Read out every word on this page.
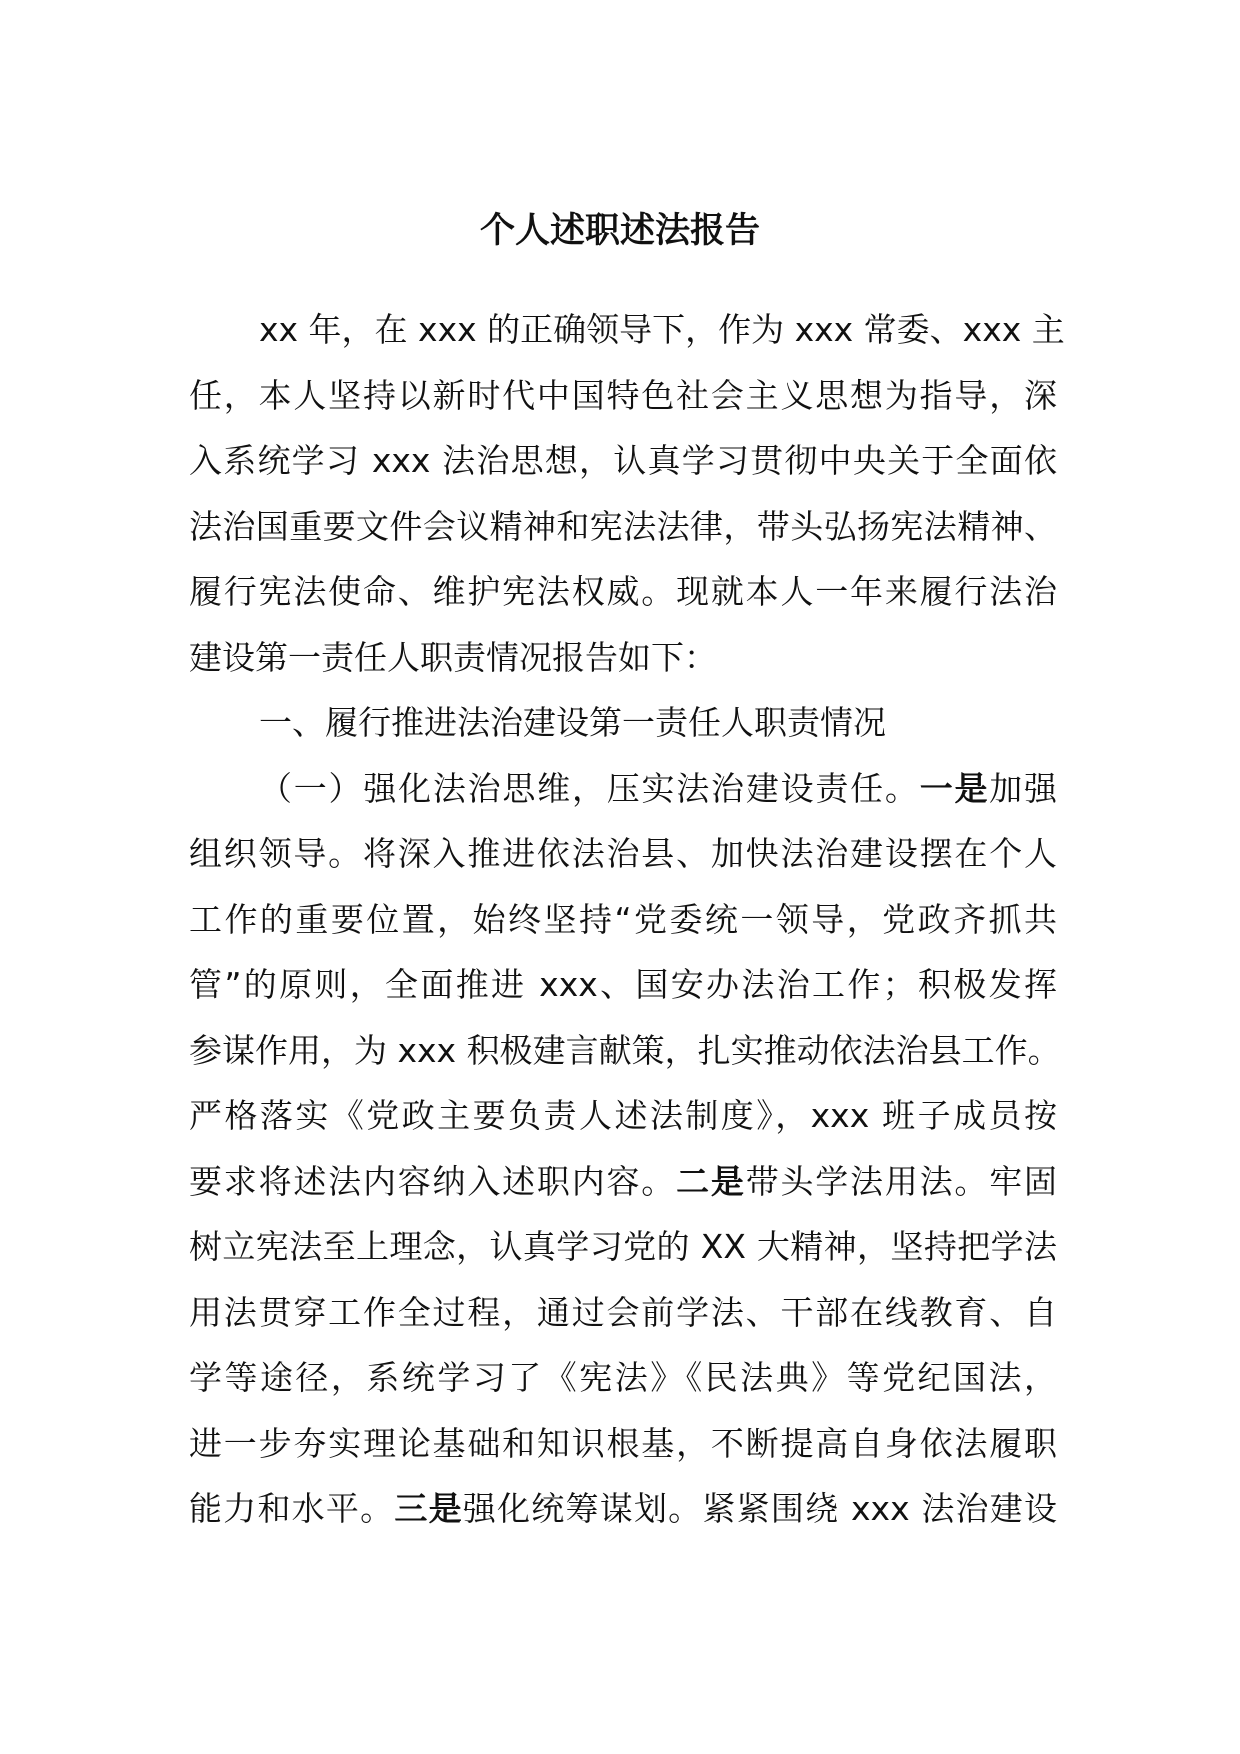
个人述职述法报告
xx 年，在 xxx 的正确领导下，作为 xxx 常委、xxx 主
任，本人坚持以新时代中国特色社会主义思想为指导，深
入系统学习 xxx 法治思想，认真学习贯彻中央关于全面依
法治国重要文件会议精神和宪法法律，带头弘扬宪法精神、
履行宪法使命、维护宪法权威。现就本人一年来履行法治
建设第一责任人职责情况报告如下：
一、履行推进法治建设第一责任人职责情况
（一）强化法治思维，压实法治建设责任。一是加强
组织领导。将深入推进依法治县、加快法治建设摆在个人
工作的重要位置，始终坚持“党委统一领导，党政齐抓共
管”的原则，全面推进 xxx、国安办法治工作；积极发挥
参谋作用，为 xxx 积极建言献策，扎实推动依法治县工作。
严格落实《党政主要负责人述法制度》，xxx 班子成员按
要求将述法内容纳入述职内容。二是带头学法用法。牢固
树立宪法至上理念，认真学习党的 XX 大精神，坚持把学法
用法贯穿工作全过程，通过会前学法、干部在线教育、自
学等途径，系统学习了《宪法》《民法典》等党纪国法，
进一步夯实理论基础和知识根基，不断提高自身依法履职
能力和水平。三是强化统筹谋划。紧紧围绕 xxx 法治建设
